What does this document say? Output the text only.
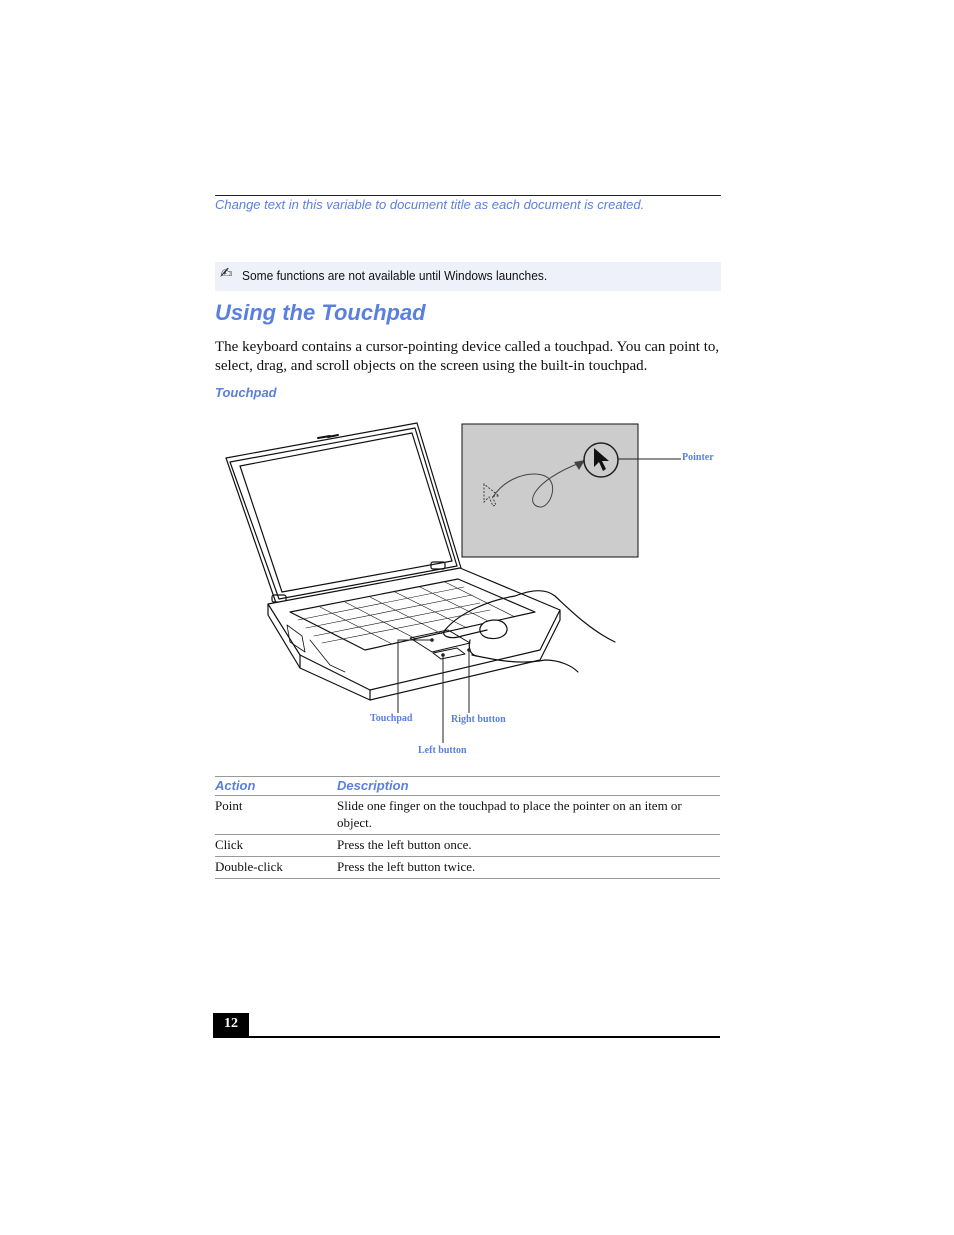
Change text in this variable to document title as each document is created.
✍ Some functions are not available until Windows launches.
Using the Touchpad

The keyboard contains a cursor-pointing device called a touchpad. You can point to, select, drag, and scroll objects on the screen using the built-in touchpad.

Touchpad
Pointer
Touchpad	Right button
Left button
Action	Description
Point	Slide one finger on the touchpad to place the pointer on an item or object.
Click	Press the left button once.
Double-click	Press the left button twice.
12
